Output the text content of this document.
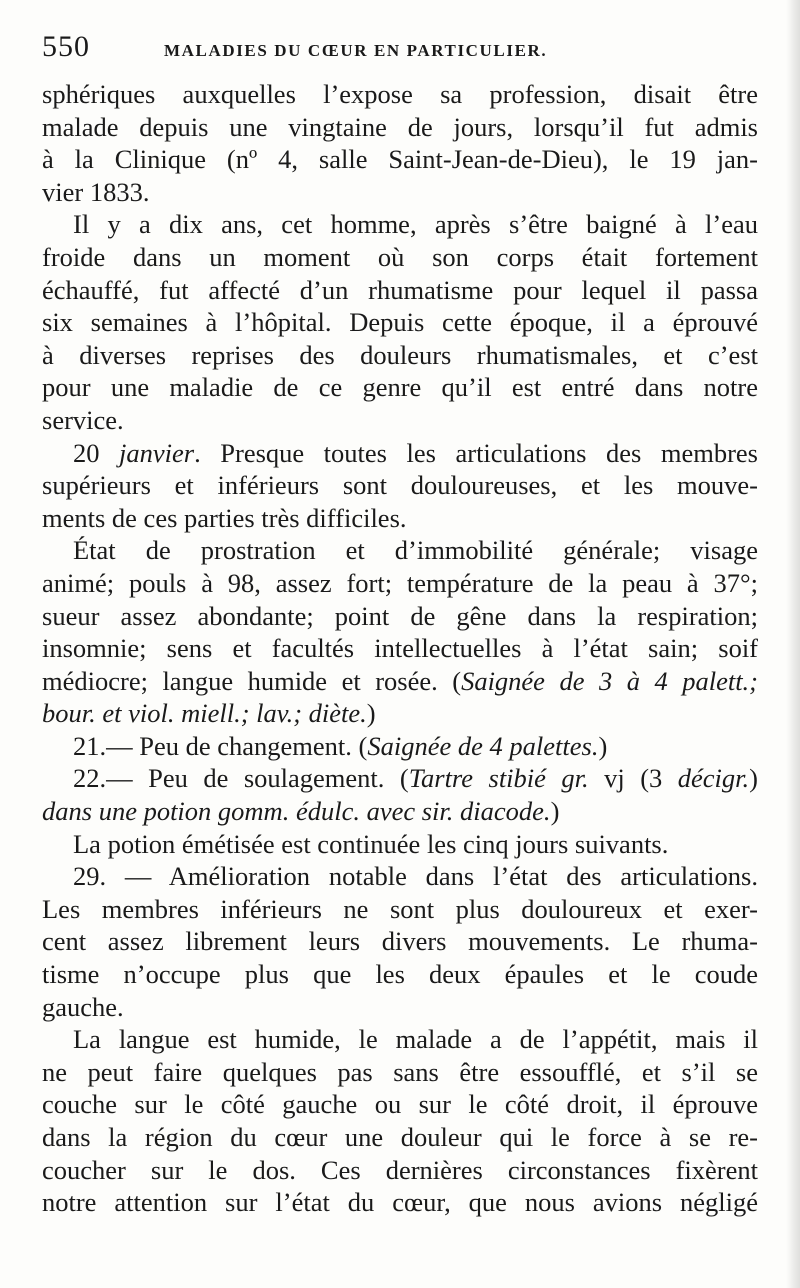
550	MALADIES DU CŒUR EN PARTICULIER.
sphériques auxquelles l’expose sa profession, disait être
malade depuis une vingtaine de jours, lorsqu’il fut admis
à la Clinique (nº 4, salle Saint-Jean-de-Dieu), le 19 jan-
vier 1833.
Il y a dix ans, cet homme, après s’être baigné à l’eau
froide dans un moment où son corps était fortement
échauffé, fut affecté d’un rhumatisme pour lequel il passa
six semaines à l’hôpital. Depuis cette époque, il a éprouvé
à diverses reprises des douleurs rhumatismales, et c’est
pour une maladie de ce genre qu’il est entré dans notre
service.
20 janvier. Presque toutes les articulations des membres
supérieurs et inférieurs sont douloureuses, et les mouve-
ments de ces parties très difficiles.
État de prostration et d’immobilité générale; visage
animé; pouls à 98, assez fort; température de la peau à 37°;
sueur assez abondante; point de gêne dans la respiration;
insomnie; sens et facultés intellectuelles à l’état sain; soif
médiocre; langue humide et rosée. (Saignée de 3 à 4 palett.;
bour. et viol. miell.; lav.; diète.)
21.— Peu de changement. (Saignée de 4 palettes.)
22.— Peu de soulagement. (Tartre stibié gr. vj (3 décigr.)
dans une potion gomm. édulc. avec sir. diacode.)
La potion émétisée est continuée les cinq jours suivants.
29. — Amélioration notable dans l’état des articulations.
Les membres inférieurs ne sont plus douloureux et exer-
cent assez librement leurs divers mouvements. Le rhuma-
tisme n’occupe plus que les deux épaules et le coude
gauche.
La langue est humide, le malade a de l’appétit, mais il
ne peut faire quelques pas sans être essoufflé, et s’il se
couche sur le côté gauche ou sur le côté droit, il éprouve
dans la région du cœur une douleur qui le force à se re-
coucher sur le dos. Ces dernières circonstances fixèrent
notre attention sur l’état du cœur, que nous avions négligé
